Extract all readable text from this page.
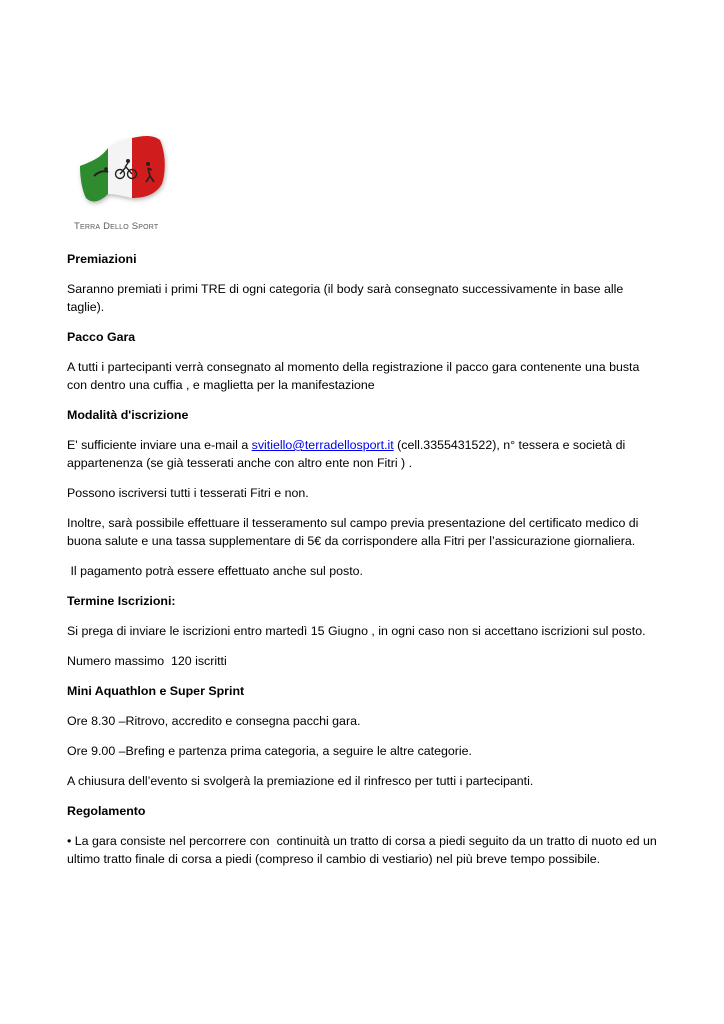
Terra Dello Sport
Premiazioni

Saranno premiati i primi TRE di ogni categoria (il body sarà consegnato successivamente in base alle taglie).

Pacco Gara

A tutti i partecipanti verrà consegnato al momento della registrazione il pacco gara contenente una busta con dentro una cuffia , e maglietta per la manifestazione

Modalità d'iscrizione

E' sufficiente inviare una e-mail a svitiello@terradellosport.it (cell.3355431522), n° tessera e società di appartenenza (se già tesserati anche con altro ente non Fitri ) .

Possono iscriversi tutti i tesserati Fitri e non.

Inoltre, sarà possibile effettuare il tesseramento sul campo previa presentazione del certificato medico di buona salute e una tassa supplementare di 5€ da corrispondere alla Fitri per l’assicurazione giornaliera.

Il pagamento potrà essere effettuato anche sul posto.

Termine Iscrizioni:

Si prega di inviare le iscrizioni entro martedì 15 Giugno , in ogni caso non si accettano iscrizioni sul posto.

Numero massimo  120 iscritti

Mini Aquathlon e Super Sprint

Ore 8.30 –Ritrovo, accredito e consegna pacchi gara.

Ore 9.00 –Brefing e partenza prima categoria, a seguire le altre categorie.

A chiusura dell’evento si svolgerà la premiazione ed il rinfresco per tutti i partecipanti.

Regolamento

• La gara consiste nel percorrere con  continuità un tratto di corsa a piedi seguito da un tratto di nuoto ed un ultimo tratto finale di corsa a piedi (compreso il cambio di vestiario) nel più breve tempo possibile.
